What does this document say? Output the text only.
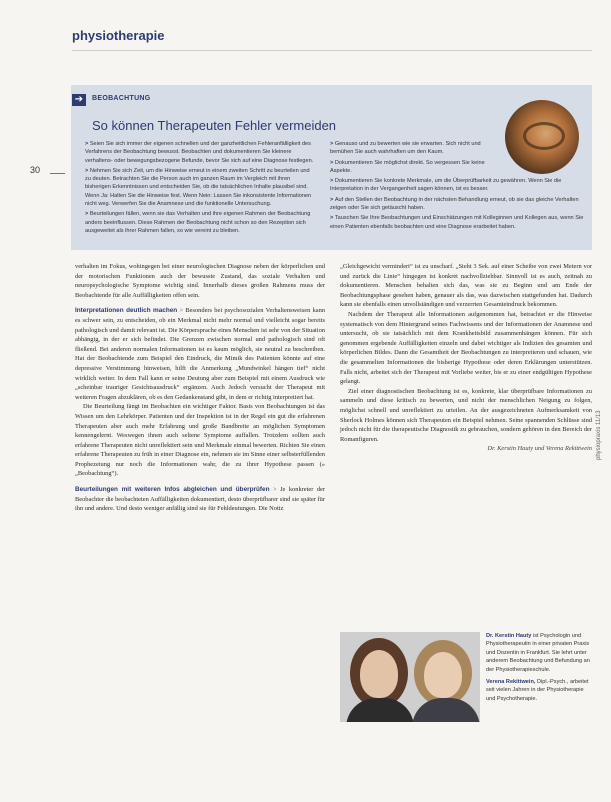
physiotherapie
30
➔	BEOBACHTUNG
So können Therapeuten Fehler vermeiden
> Seien Sie sich immer der eigenen schnellen und der ganzheitlichen Fehleranfälligkeit des Verfahrens der Beobachtung bewusst. Beobachten und dokumentieren Sie kleinere verhaltens- oder bewegungsbezogene Befunde, bevor Sie sich auf eine Diagnose festlegen.
> Nehmen Sie sich Zeit, um die Hinweise erneut in einem zweiten Schritt zu beurteilen und zu deuten. Betrachten Sie die Person auch im ganzen Raum im Vergleich mit ihren bisherigen Erkenntnissen und entscheiden Sie, ob die tatsächlichen Inhalte plausibel sind. Wenn Ja: Halten Sie die Hinweise fest. Wenn Nein: Lassen Sie inkonsistente Informationen nicht weg. Verwerfen Sie die Anamnese und die funktionelle Untersuchung.
> Beurteilungen fällen, wenn sie das Verhalten und ihre eigenen Rahmen der Beobachtung anders beeinflussen. Diese Rahmen der Beobachtung nicht schon so den Rezeption sich ausgeweitet als ihrer Rahmen fallen, so wie vereint zu bleiben.
> Genauso und zu bewerten wie sie erwarten. Sich nicht und bemühen Sie auch wahrhaften um den Kaum.
> Dokumentieren Sie möglichst direkt. So vergessen Sie keine Aspekte.
> Dokumentieren Sie konkrete Merkmale, um die Überprüfbarkeit zu gewähren. Wenn Sie die Interpretation in der Vergangenheit sagen können, ist es besser.
> Auf den Stellen der Beobachtung in der nächsten Behandlung erneut, ob sie das gleiche Verhalten zeigen oder Sie sich getäuscht haben.
> Tauschen Sie Ihre Beobachtungen und Einschätzungen mit Kolleginnen und Kollegen aus, wenn Sie einen Patienten ebenfalls beobachten und eine Diagnose erarbeitet haben.

verhalten im Fokus, wohingegen bei einer neurologischen Diagnose neben der körperlichen und der motorischen Funktionen auch der bewusste Zustand, das soziale Verhalten und neuropsychologische Symptome wichtig sind. Innerhalb dieses großen Rahmens muss der Beobachtende für alle Auffälligkeiten offen sein.

Interpretationen deutlich machen > Besonders bei psychosozialen Verhaltensweisen kann es schwer sein, zu entscheiden, ob ein Merkmal nicht mehr normal und vielleicht sogar bereits pathologisch und damit relevant ist. Die Körpersprache eines Menschen ist sehr von der Situation abhängig, in der er sich befindet. Die Grenzen zwischen normal und pathologisch sind oft fließend. Bei anderen normalen Informationen ist es kaum möglich, sie neutral zu beschreiben. Hat der Beobachtende zum Beispiel den Eindruck, die Mimik des Patienten könnte auf eine depressive Verstimmung hinweisen, hilft die Anmerkung „Mundwinkel hängen tief“ nicht wirklich weiter. In dem Fall kann er seine Deutung aber zum Beispiel mit einem Ausdruck wie „scheinbar trauriger Gesichtsausdruck“ ergänzen. Auch Jedoch versucht der Therapeut mit weiteren Fragen abzuklären, ob es den Gedankenstand gibt, in dem er richtig interpretiert hat.

Die Beurteilung fängt im Beobachten ein wichtiger Faktor. Basis von Beobachtungen ist das Wissen um den Lehrkörper. Patienten und der Inspektion ist in der Regel ein gut die erfahrenen Therapeuten aber auch mehr Erfahrung und große Bandbreite an möglichen Symptomen kennengelernt. Weswegen ihnen auch seltene Symptome auffallen. Trotzdem sollten auch erfahrene Therapeuten nicht unreflektiert sein und Merkmale einmal bewerten. Richten Sie einen erfahrene Therapeuten zu früh in einer Diagnose ein, nehmen sie im Sinne einer selbsterfüllenden Prophezeiung nur noch die Informationen wahr, die zu ihrer Hypothese passen (» „Beobachtung“).

Beurteilungen mit weiteren Infos abgleichen und überprüfen > Je konkreter der Beobachter die beobachteten Auffälligkeiten dokumentiert, desto überprüfbarer sind sie später für ihn und andere. Und desto weniger anfällig sind sie für Fehldeutungen. Die Notiz

„Gleichgewicht vermindert“ ist zu unscharf. „Steht 3 Sek. auf einer Scheibe von zwei Metern vor und zurück die Linie“ hingegen ist konkret nachvollziehbar. Sinnvoll ist es auch, zeitnah zu dokumentieren. Menschen behalten sich das, was sie zu Beginn und am Ende der Beobachtungsphase gesehen haben, genauer als das, was dazwischen stattgefunden hat. Dadurch kann sie ebenfalls einen unvollständigen und verzerrten Gesamteindruck bekommen.

Nachdem der Therapeut alle Informationen aufgenommen hat, betrachtet er die Hinweise systematisch von dem Hintergrund seines Fachwissens und der Informationen der Anamnese und untersucht, ob sie tatsächlich mit dem Krankheitsbild zusammenhängen können. Für sich genommen ergebende Auffälligkeiten einzeln und dabei wichtiger als Indizien des gesamten und körperlichen Bildes. Dann die Gesamtheit der Beobachtungen zu interpretieren und schauen, wie die gesammelten Informationen die bisherige Hypothese oder deren Erklärungen unterstützen. Falls nicht, arbeitet sich der Therapeut mit Vorliebe weiter, bis er zu einer endgültigen Hypothese gelangt.

Ziel einer diagnostischen Beobachtung ist es, konkrete, klar überprüfbare Informationen zu sammeln und diese kritisch zu bewerten, und nicht der menschlichen Neigung zu folgen, möglichst schnell und unreflektiert zu urteilen. An der ausgezeichneten Aufmerksamkeit von Sherlock Holmes können sich Therapeuten ein Beispiel nehmen. Seine spannenden Schlüsse sind jedoch nicht für die therapeutische Diagnostik zu gebrauchen, sondern gehören in den Bereich der Romanfiguren.

Dr. Kerstin Hauty und Verena Rekittwein

Dr. Kerstin Hauty ist Psychologin und Physiotherapeutin in einer privaten Praxis und Dozentin in Frankfurt. Sie lehrt unter anderem Beobachtung und Befundung an der Physiotherapieschule.

Verena Rekittwein, Dipl.-Psych., arbeitet seit vielen Jahren in der Physiotherapie und Psychotherapie.

physiopraxis 11/13
